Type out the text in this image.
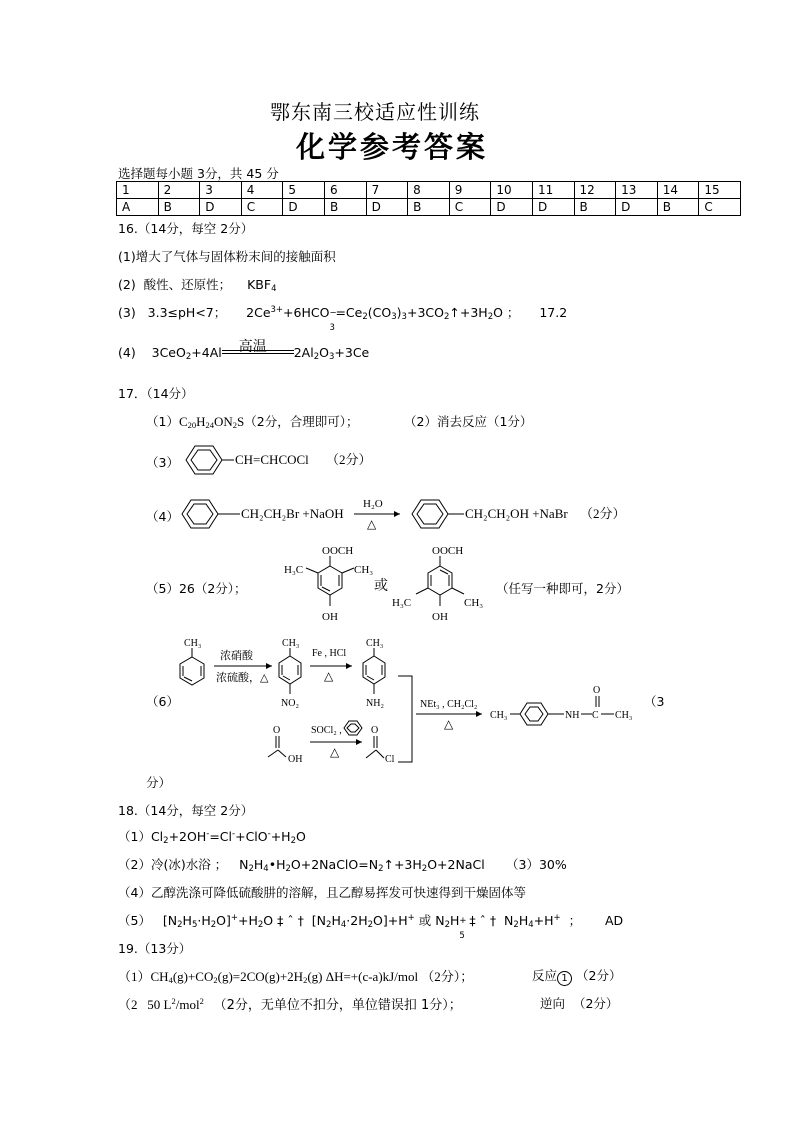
鄂东南三校适应性训练
化学参考答案
选择题每小题 3分，共 45 分
1	2	3	4	5	6	7	8	9	10	11	12	13	14	15
A	B	D	C	D	B	D	B	C	D	D	B	D	B	C
16.（14分，每空 2分）
(1)增大了气体与固体粉末间的接触面积
(2) 酸性、还原性； $KBF_4$
(3) 3.3≤pH<7； $2Ce^{3+}+6HCO$ −
3
$=Ce_2(CO_3)_3+3CO_2↑+3H_2O$ ； 17.2
(4) 3CeO$_2$+4Al 高温 $2Al_2O_3+3Ce$
17．（14分）
$(1)C_{20}H_{24}ON_2S(2$分，合理即可）；	（2）消去反应（1分）
（3）	CH=CHCOCl （2分）
（4）	CH₂CH₂Br +NaOH
H₂O
△
CH₂CH₂OH +NaBr （2分）
（5）26（2分）；
OOCH
H₃C	CH₃
OH
或
OOCH
H₃C	CH₃
OH
（任写一种即可，2分）
（6）
CH₃
浓硝酸
浓硫酸，△
CH₃
NO₂
Fe , HCl
△
CH₃
NH₂	NEt₃ , CH₂Cl₂
△
CH₃	NH C
O
CH₃
O
OH
SOCl₂ ,
△
O
Cl
（3
分）
18.（14分，每空 2分）
$(1)Cl_2+2OH^-=Cl^-+ClO^-+H_2O$
（2）冷(冰)水浴 ； $N_2H_4•H_2O+2NaClO=N_2↑+3H_2O+2NaCl$ （3）30%
（4）乙醇洗涤可降低硫酸肼的溶解，且乙醇易挥发可快速得到干燥固体等
（5） $[N_2H_5\cdot H_2O]^++H_2O$ ‡ ˆ † $[N_2H_4\cdot 2H_2O]+H^+$ 或 $N_2H$ +
5
‡ ˆ † $N_2H_4+H^+$ ； AD
19.（13分）
$(1)CH_4(g)+CO_2(g)=2CO(g)+2H_2(g)$ ΔH=+(c-a)kJ/mol （2分）；	反应 1 （2分）
（2 50 $L^2/mol^2$ （2分，无单位不扣分，单位错误扣 1分）；	逆向 （2分）
